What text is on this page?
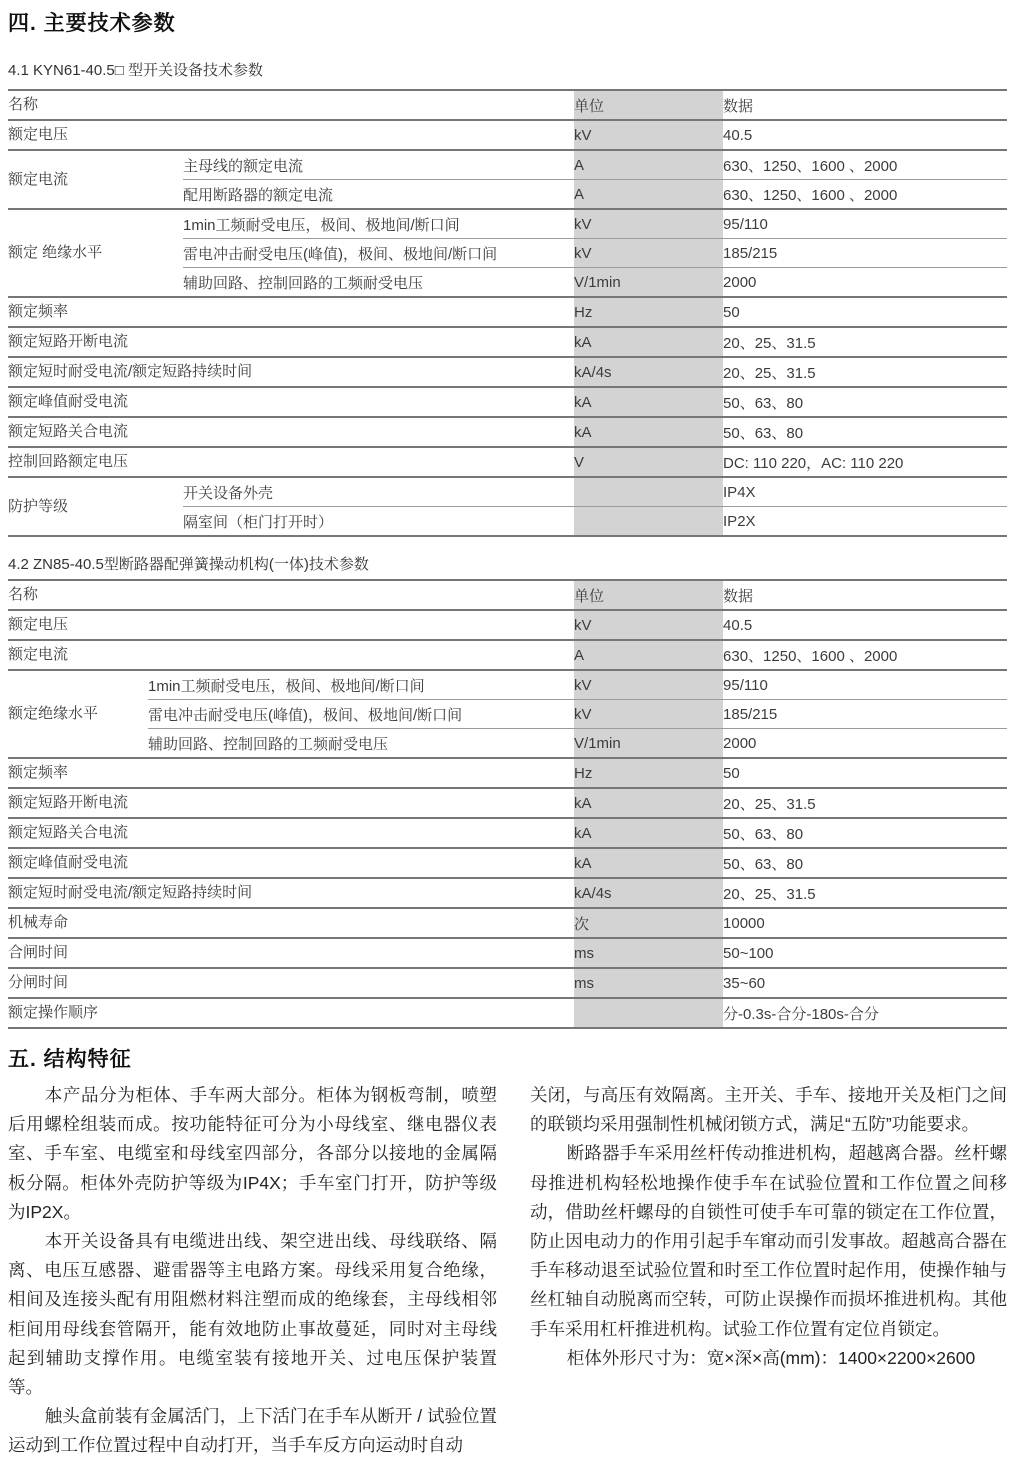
四. 主要技术参数
4.1 KYN61-40.5□ 型开关设备技术参数
名称		单位	数据
额定电压		kV	40.5
额定电流	主母线的额定电流	A	630、1250、1600 、2000
	配用断路器的额定电流	A	630、1250、1600 、2000
额定 绝缘水平	1min工频耐受电压，极间、极地间/断口间	kV	95/110
	雷电冲击耐受电压(峰值)，极间、极地间/断口间	kV	185/215
	辅助回路、控制回路的工频耐受电压	V/1min	2000
额定频率		Hz	50
额定短路开断电流		kA	20、25、31.5
额定短时耐受电流/额定短路持续时间		kA/4s	20、25、31.5
额定峰值耐受电流		kA	50、63、80
额定短路关合电流		kA	50、63、80
控制回路额定电压		V	DC: 110 220，AC: 110 220
防护等级	开关设备外壳		IP4X
	隔室间（柜门打开时）		IP2X
4.2 ZN85-40.5型断路器配弹簧操动机构(一体)技术参数
名称		单位	数据
额定电压		kV	40.5
额定电流		A	630、1250、1600 、2000
额定绝缘水平	1min工频耐受电压，极间、极地间/断口间	kV	95/110
	雷电冲击耐受电压(峰值)，极间、极地间/断口间	kV	185/215
	辅助回路、控制回路的工频耐受电压	V/1min	2000
额定频率		Hz	50
额定短路开断电流		kA	20、25、31.5
额定短路关合电流		kA	50、63、80
额定峰值耐受电流		kA	50、63、80
额定短时耐受电流/额定短路持续时间		kA/4s	20、25、31.5
机械寿命		次	10000
合闸时间		ms	50~100
分闸时间		ms	35~60
额定操作顺序			分-0.3s-合分-180s-合分
五. 结构特征

本产品分为柜体、手车两大部分。柜体为钢板弯制，喷塑后用螺栓组装而成。按功能特征可分为小母线室、继电器仪表室、手车室、电缆室和母线室四部分，各部分以接地的金属隔板分隔。柜体外壳防护等级为IP4X；手车室门打开，防护等级为IP2X。

本开关设备具有电缆进出线、架空进出线、母线联络、隔离、电压互感器、避雷器等主电路方案。母线采用复合绝缘，相间及连接头配有用阻燃材料注塑而成的绝缘套，主母线相邻柜间用母线套管隔开，能有效地防止事故蔓延，同时对主母线起到辅助支撑作用。电缆室装有接地开关、过电压保护装置等。

触头盒前装有金属活门，上下活门在手车从断开 / 试验位置运动到工作位置过程中自动打开，当手车反方向运动时自动

关闭，与高压有效隔离。主开关、手车、接地开关及柜门之间的联锁均采用强制性机械闭锁方式，满足“五防”功能要求。

断路器手车采用丝杆传动推进机构，超越离合器。丝杆螺母推进机构轻松地操作使手车在试验位置和工作位置之间移动，借助丝杆螺母的自锁性可使手车可靠的锁定在工作位置，防止因电动力的作用引起手车窜动而引发事故。超越高合器在手车移动退至试验位置和时至工作位置时起作用，使操作轴与丝杠轴自动脱离而空转，可防止误操作而损坏推进机构。其他手车采用杠杆推进机构。试验工作位置有定位肖锁定。

柜体外形尺寸为：宽×深×高(mm)：1400×2200×2600
